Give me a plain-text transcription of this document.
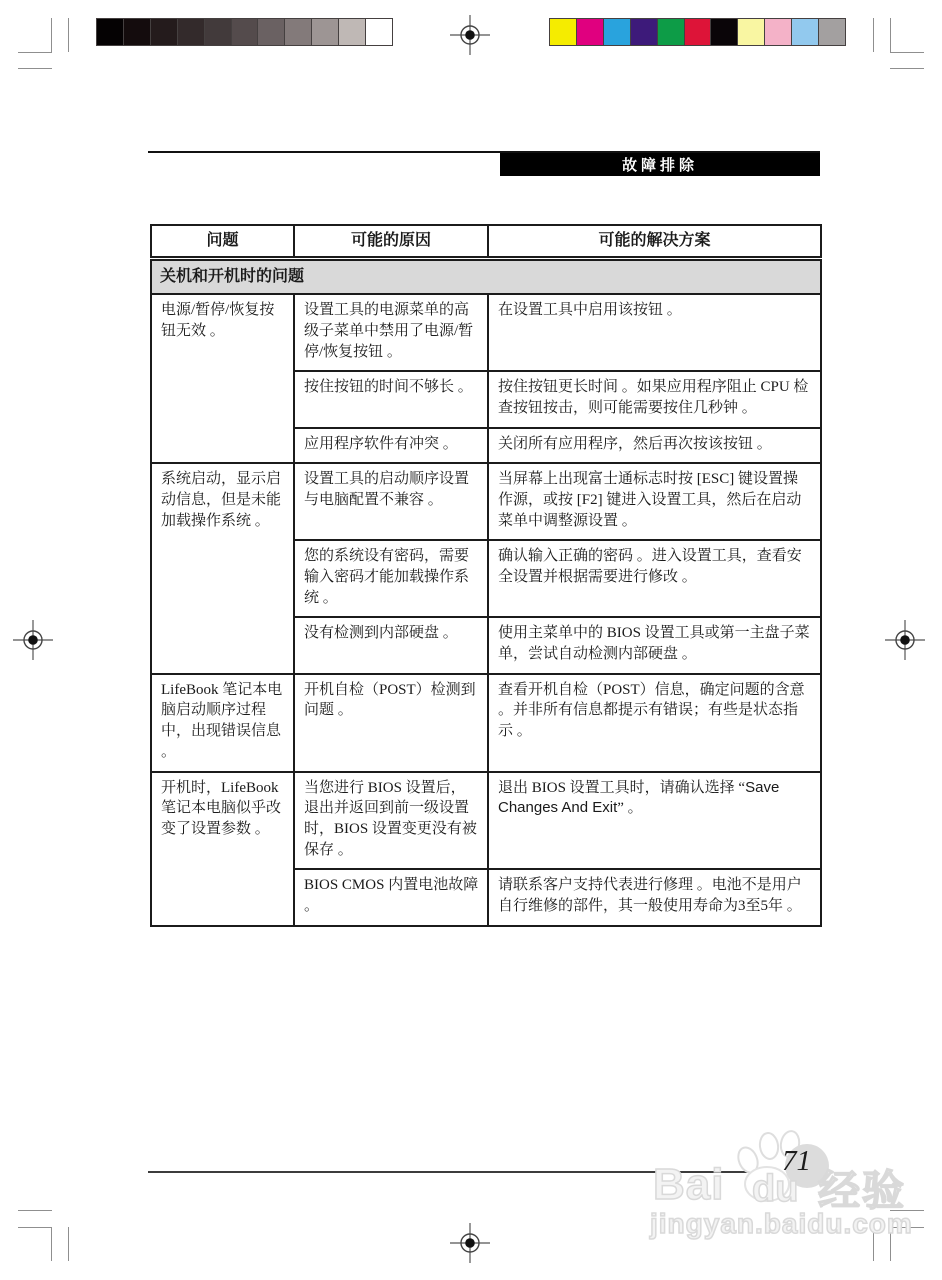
故障排除
问题	可能的原因	可能的解决方案
关机和开机时的问题		
电源/暂停/恢复按钮无效 。	设置工具的电源菜单的高级子菜单中禁用了电源/暂停/恢复按钮 。	在设置工具中启用该按钮 。
	按住按钮的时间不够长 。	按住按钮更长时间 。如果应用程序阻止 CPU 检查按钮按击，则可能需要按住几秒钟 。
	应用程序软件有冲突 。	关闭所有应用程序，然后再次按该按钮 。
系统启动，显示启动信息，但是未能加载操作系统 。	设置工具的启动顺序设置与电脑配置不兼容 。	当屏幕上出现富士通标志时按 [ESC] 键设置操作源，或按 [F2] 键进入设置工具，然后在启动菜单中调整源设置 。
	您的系统设有密码，需要输入密码才能加载操作系统 。	确认输入正确的密码 。进入设置工具，查看安全设置并根据需要进行修改 。
	没有检测到内部硬盘 。	使用主菜单中的 BIOS 设置工具或第一主盘子菜单，尝试自动检测内部硬盘 。
LifeBook 笔记本电脑启动顺序过程中，出现错误信息 。	开机自检（POST）检测到问题 。	查看开机自检（POST）信息，确定问题的含意 。并非所有信息都提示有错误；有些是状态指示 。
开机时，LifeBook 笔记本电脑似乎改变了设置参数 。	当您进行 BIOS 设置后，退出并返回到前一级设置时，BIOS 设置变更没有被保存 。	退出 BIOS 设置工具时，请确认选择 “Save Changes And Exit” 。
	BIOS CMOS 内置电池故障 。	请联系客户支持代表进行修理 。电池不是用户自行维修的部件，其一般使用寿命为3至5年 。
71
Bai du 经验
jingyan.baidu.com
